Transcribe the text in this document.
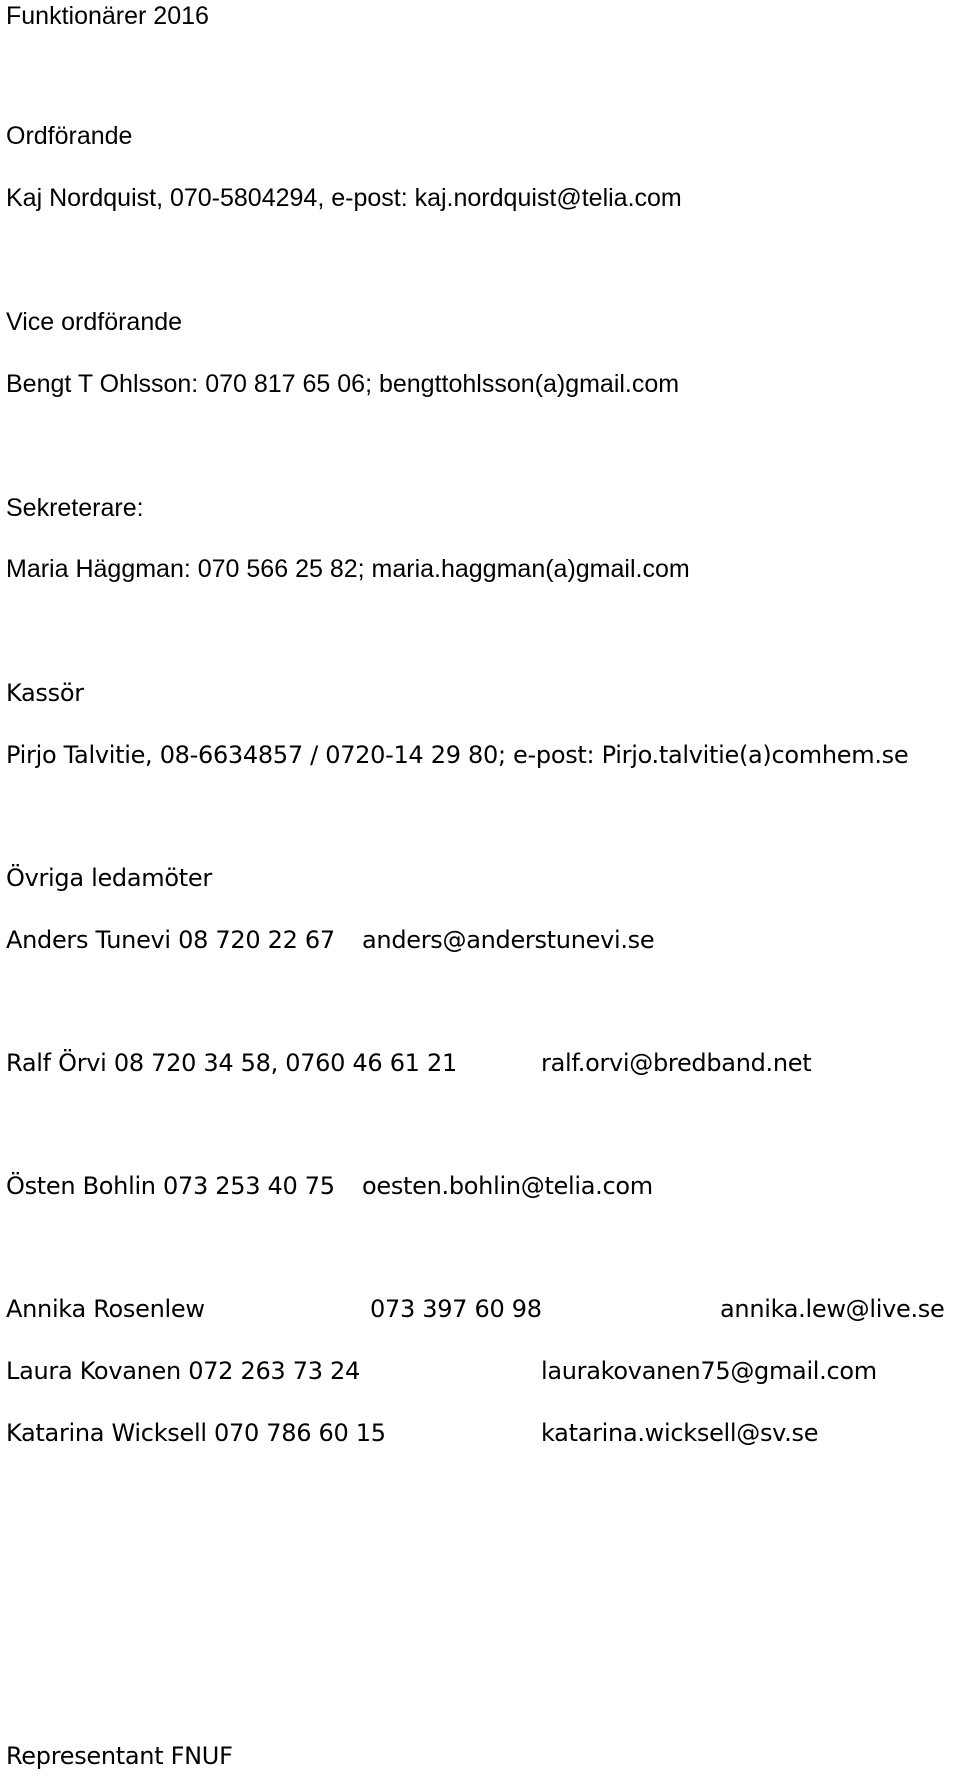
Funktionärer 2016
Ordförande
Kaj Nordquist, 070-5804294, e-post: kaj.nordquist@telia.com
Vice ordförande
Bengt T Ohlsson: 070 817 65 06; bengttohlsson(a)gmail.com
Sekreterare:
Maria Häggman: 070 566 25 82; maria.haggman(a)gmail.com
Kassör
Pirjo Talvitie, 08-6634857 / 0720-14 29 80; e-post: Pirjo.talvitie(a)comhem.se
Övriga ledamöter
Anders Tunevi 08 720 22 67 anders@anderstunevi.se
Ralf Örvi 08 720 34 58, 0760 46 61 21	ralf.orvi@bredband.net
Östen Bohlin 073 253 40 75 oesten.bohlin@telia.com
Annika Rosenlew	073 397 60 98	annika.lew@live.se
Laura Kovanen 072 263 73 24	laurakovanen75@gmail.com
Katarina Wicksell 070 786 60 15	katarina.wicksell@sv.se
Representant FNUF
